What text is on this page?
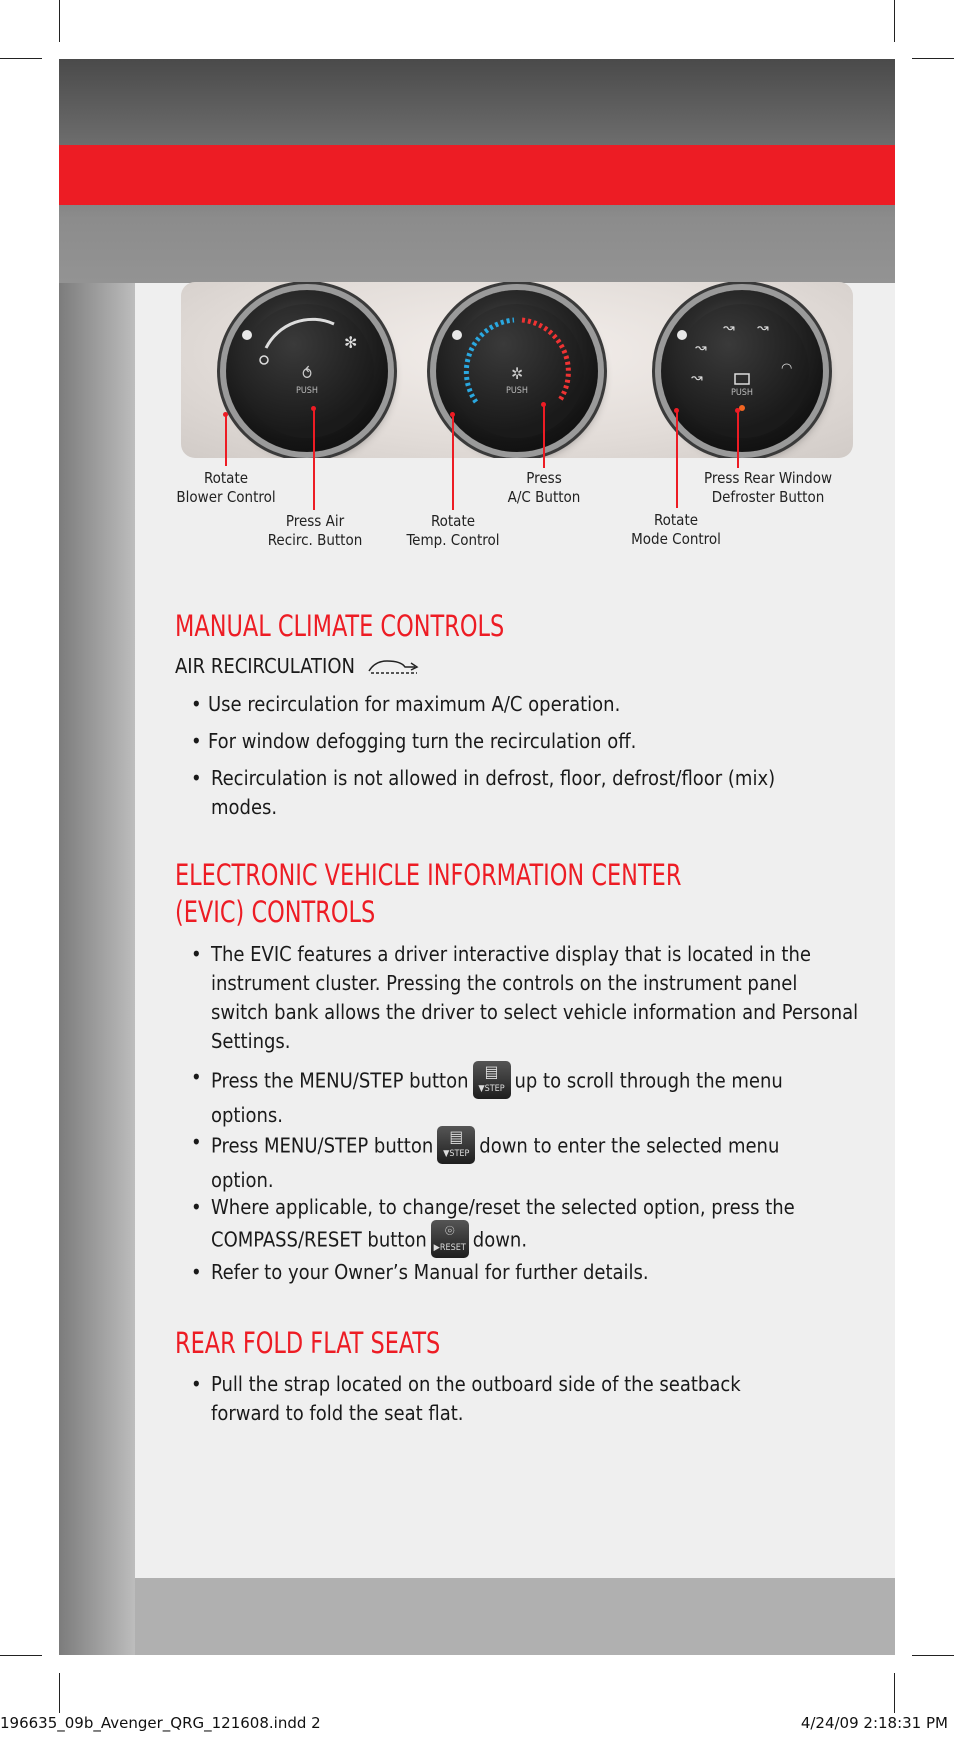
✻
⥀
PUSH
✲
PUSH
↝
↝ ↝
↝
◠
PUSH
Rotate
Blower Control
Press Air
Recirc. Button
Rotate
Temp. Control
Press
A/C Button
Rotate
Mode Control
Press Rear Window
Defroster Button
MANUAL CLIMATE CONTROLS
AIR RECIRCULATION
Use recirculation for maximum A/C operation.
•
For window defogging turn the recirculation off.
•
• Recirculation is not allowed in defrost, floor, defrost/floor (mix) modes.
ELECTRONIC VEHICLE INFORMATION CENTER
(EVIC) CONTROLS
• The EVIC features a driver interactive display that is located in the instrument cluster. Pressing the controls on the instrument panel switch bank allows the driver to select vehicle information and Personal Settings.
• Press the MENU/STEP button	▤
▼STEP up to scroll through the menu options.
• Press MENU/STEP button	▤
▼STEP down to enter the selected menu option.
• Where applicable, to change/reset the selected option, press the COMPASS/RESET button	⌾
▶RESET down.
• Refer to your Owner’s Manual for further details.
REAR FOLD FLAT SEATS
• Pull the strap located on the outboard side of the seatback forward to fold the seat flat.
196635_09b_Avenger_QRG_121608.indd 2	4/24/09 2:18:31 PM
